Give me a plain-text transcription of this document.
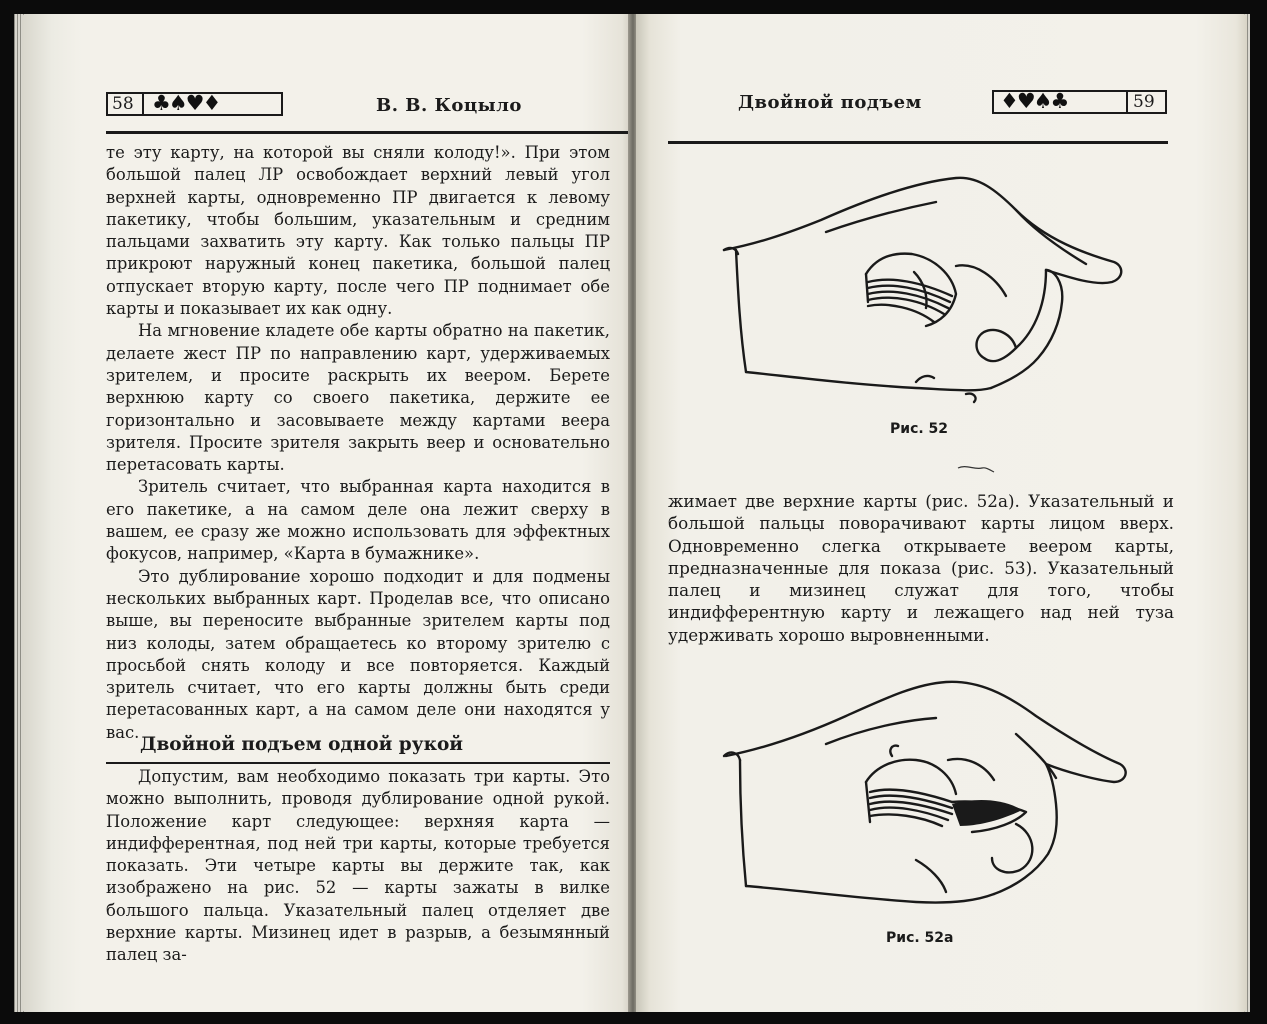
58 ♣♠♥♦	В. В. Коцыло

те эту карту, на которой вы сняли колоду!». При этом большой палец ЛР освобождает верхний левый угол верхней карты, одновременно ПР двигается к левому пакетику, чтобы большим, указательным и средним пальцами захватить эту карту. Как только пальцы ПР прикроют наружный конец пакетика, большой палец отпускает вторую карту, после чего ПР поднимает обе карты и показывает их как одну.

На мгновение кладете обе карты обратно на пакетик, делаете жест ПР по направлению карт, удерживаемых зрителем, и просите раскрыть их веером. Берете верхнюю карту со своего пакетика, держите ее горизонтально и засовываете между картами веера зрителя. Просите зрителя закрыть веер и основательно перетасовать карты.

Зритель считает, что выбранная карта находится в его пакетике, а на самом деле она лежит сверху в вашем, ее сразу же можно использовать для эффектных фокусов, например, «Карта в бумажнике».

Это дублирование хорошо подходит и для подмены нескольких выбранных карт. Проделав все, что описано выше, вы переносите выбранные зрителем карты под низ колоды, затем обращаетесь ко второму зрителю с просьбой снять колоду и все повторяется. Каждый зритель считает, что его карты должны быть среди перетасованных карт, а на самом деле они находятся у вас.

Двойной подъем одной рукой

Допустим, вам необходимо показать три карты. Это можно выполнить, проводя дублирование одной рукой. Положение карт следующее: верхняя карта — индифферентная, под ней три карты, которые требуется показать. Эти четыре карты вы держите так, как изображено на рис. 52 — карты зажаты в вилке большого пальца. Указательный палец отделяет две верхние карты. Мизинец идет в разрыв, а безымянный палец за-

Двойной подъем	♦♥♠♣	59
Рис. 52

жимает две верхние карты (рис. 52а). Указательный и большой пальцы поворачивают карты лицом вверх. Одновременно слегка открываете веером карты, предназначенные для показа (рис. 53). Указательный палец и мизинец служат для того, чтобы индифферентную карту и лежащего над ней туза удерживать хорошо выровненными.

Рис. 52а
